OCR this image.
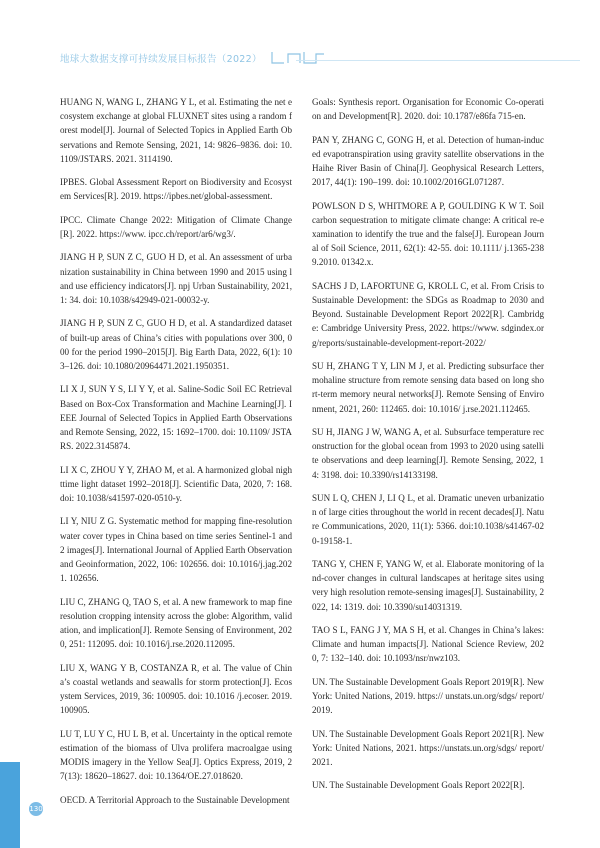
地球大数据支撑可持续发展目标报告（2022）

HUANG N, WANG L, ZHANG Y L, et al. Estimating the net ecosystem exchange at global FLUXNET sites using a random forest model[J]. Journal of Selected Topics in Applied Earth Observations and Remote Sensing, 2021, 14: 9826–9836. doi: 10.1109/JSTARS. 2021. 3114190.

IPBES. Global Assessment Report on Biodiversity and Ecosystem Services[R]. 2019. https://ipbes.net/global-assessment.

IPCC. Climate Change 2022: Mitigation of Climate Change[R]. 2022. https://www. ipcc.ch/report/ar6/wg3/.

JIANG H P, SUN Z C, GUO H D, et al. An assessment of urbanization sustainability in China between 1990 and 2015 using land use efficiency indicators[J]. npj Urban Sustainability, 2021, 1: 34. doi: 10.1038/s42949-021-00032-y.

JIANG H P, SUN Z C, GUO H D, et al. A standardized dataset of built-up areas of China’s cities with populations over 300, 000 for the period 1990–2015[J]. Big Earth Data, 2022, 6(1): 103–126. doi: 10.1080/20964471.2021.1950351.

LI X J, SUN Y S, LI Y Y, et al. Saline-Sodic Soil EC Retrieval Based on Box-Cox Transformation and Machine Learning[J]. IEEE Journal of Selected Topics in Applied Earth Observations and Remote Sensing, 2022, 15: 1692–1700. doi: 10.1109/ JSTARS. 2022.3145874.

LI X C, ZHOU Y Y, ZHAO M, et al. A harmonized global nighttime light dataset 1992–2018[J]. Scientific Data, 2020, 7: 168. doi: 10.1038/s41597-020-0510-y.

LI Y, NIU Z G. Systematic method for mapping fine-resolution water cover types in China based on time series Sentinel-1 and 2 images[J]. International Journal of Applied Earth Observation and Geoinformation, 2022, 106: 102656. doi: 10.1016/j.jag.2021. 102656.

LIU C, ZHANG Q, TAO S, et al. A new framework to map fine resolution cropping intensity across the globe: Algorithm, validation, and implication[J]. Remote Sensing of Environment, 2020, 251: 112095. doi: 10.1016/j.rse.2020.112095.

LIU X, WANG Y B, COSTANZA R, et al. The value of China’s coastal wetlands and seawalls for storm protection[J]. Ecosystem Services, 2019, 36: 100905. doi: 10.1016 /j.ecoser. 2019.100905.

LU T, LU Y C, HU L B, et al. Uncertainty in the optical remote estimation of the biomass of Ulva prolifera macroalgae using MODIS imagery in the Yellow Sea[J]. Optics Express, 2019, 27(13): 18620–18627. doi: 10.1364/OE.27.018620.

OECD. A Territorial Approach to the Sustainable Development

Goals: Synthesis report. Organisation for Economic Co-operation and Development[R]. 2020. doi: 10.1787/e86fa 715-en.

PAN Y, ZHANG C, GONG H, et al. Detection of human-induced evapotranspiration using gravity satellite observations in the Haihe River Basin of China[J]. Geophysical Research Letters, 2017, 44(1): 190–199. doi: 10.1002/2016GL071287.

POWLSON D S, WHITMORE A P, GOULDING K W T. Soil carbon sequestration to mitigate climate change: A critical re-examination to identify the true and the false[J]. European Journal of Soil Science, 2011, 62(1): 42-55. doi: 10.1111/ j.1365-2389.2010. 01342.x.

SACHS J D, LAFORTUNE G, KROLL C, et al. From Crisis to Sustainable Development: the SDGs as Roadmap to 2030 and Beyond. Sustainable Development Report 2022[R]. Cambridge: Cambridge University Press, 2022. https://www. sdgindex.org/reports/sustainable-development-report-2022/

SU H, ZHANG T Y, LIN M J, et al. Predicting subsurface thermohaline structure from remote sensing data based on long short-term memory neural networks[J]. Remote Sensing of Environment, 2021, 260: 112465. doi: 10.1016/ j.rse.2021.112465.

SU H, JIANG J W, WANG A, et al. Subsurface temperature reconstruction for the global ocean from 1993 to 2020 using satellite observations and deep learning[J]. Remote Sensing, 2022, 14: 3198. doi: 10.3390/rs14133198.

SUN L Q, CHEN J, LI Q L, et al. Dramatic uneven urbanization of large cities throughout the world in recent decades[J]. Nature Communications, 2020, 11(1): 5366. doi:10.1038/s41467-020-19158-1.

TANG Y, CHEN F, YANG W, et al. Elaborate monitoring of land-cover changes in cultural landscapes at heritage sites using very high resolution remote-sensing images[J]. Sustainability, 2022, 14: 1319. doi: 10.3390/su14031319.

TAO S L, FANG J Y, MA S H, et al. Changes in China’s lakes: Climate and human impacts[J]. National Science Review, 2020, 7: 132–140. doi: 10.1093/nsr/nwz103.

UN. The Sustainable Development Goals Report 2019[R]. New York: United Nations, 2019. https:// unstats.un.org/sdgs/ report/2019.

UN. The Sustainable Development Goals Report 2021[R]. New York: United Nations, 2021. https://unstats.un.org/sdgs/ report/2021.

UN. The Sustainable Development Goals Report 2022[R].

130
